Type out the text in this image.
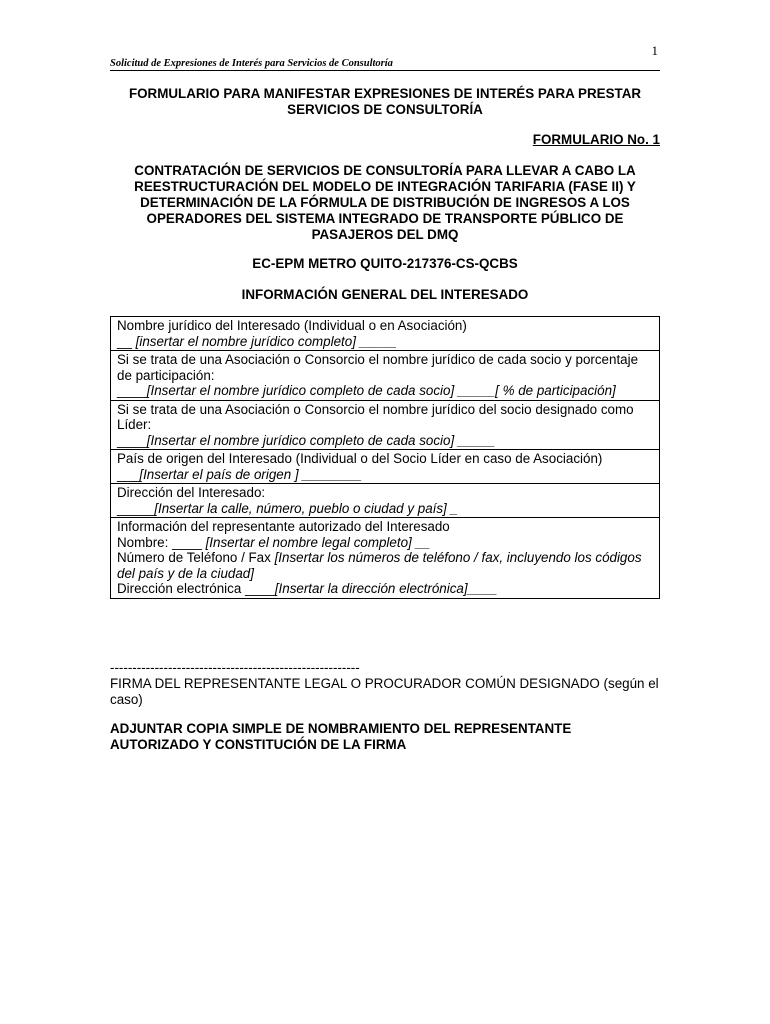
1
Solicitud de Expresiones de Interés para Servicios de Consultoría
FORMULARIO PARA MANIFESTAR EXPRESIONES DE INTERÉS PARA PRESTAR SERVICIOS DE CONSULTORÍA
FORMULARIO No. 1
CONTRATACIÓN DE SERVICIOS DE CONSULTORÍA PARA LLEVAR A CABO LA REESTRUCTURACIÓN DEL MODELO DE INTEGRACIÓN TARIFARIA (FASE II) Y DETERMINACIÓN DE LA FÓRMULA DE DISTRIBUCIÓN DE INGRESOS A LOS OPERADORES DEL SISTEMA INTEGRADO DE TRANSPORTE PÚBLICO DE PASAJEROS DEL DMQ
EC-EPM METRO QUITO-217376-CS-QCBS
INFORMACIÓN GENERAL DEL INTERESADO
Nombre jurídico del Interesado (Individual o en Asociación)
__ [insertar el nombre jurídico completo] _____
Si se trata de una Asociación o Consorcio el nombre jurídico de cada socio y porcentaje de participación:
____[Insertar el nombre jurídico completo de cada socio] _____[ % de participación]
Si se trata de una Asociación o Consorcio el nombre jurídico del socio designado como Líder:
____[Insertar el nombre jurídico completo de cada socio] _____
País de origen del Interesado (Individual o del Socio Líder en caso de Asociación)
___[Insertar el país de origen ] ________
Dirección del Interesado:
_____[Insertar la calle, número, pueblo o ciudad y país] _
Información del representante autorizado del Interesado
Nombre: ____ [Insertar el nombre legal completo] __
Número de Teléfono / Fax [Insertar los números de teléfono / fax, incluyendo los códigos del país y de la ciudad]
Dirección electrónica ____[Insertar la dirección electrónica]____
--------------------------------------------------------
FIRMA DEL REPRESENTANTE LEGAL O PROCURADOR COMÚN DESIGNADO (según el caso)
ADJUNTAR COPIA SIMPLE DE NOMBRAMIENTO DEL REPRESENTANTE AUTORIZADO Y CONSTITUCIÓN DE LA FIRMA
